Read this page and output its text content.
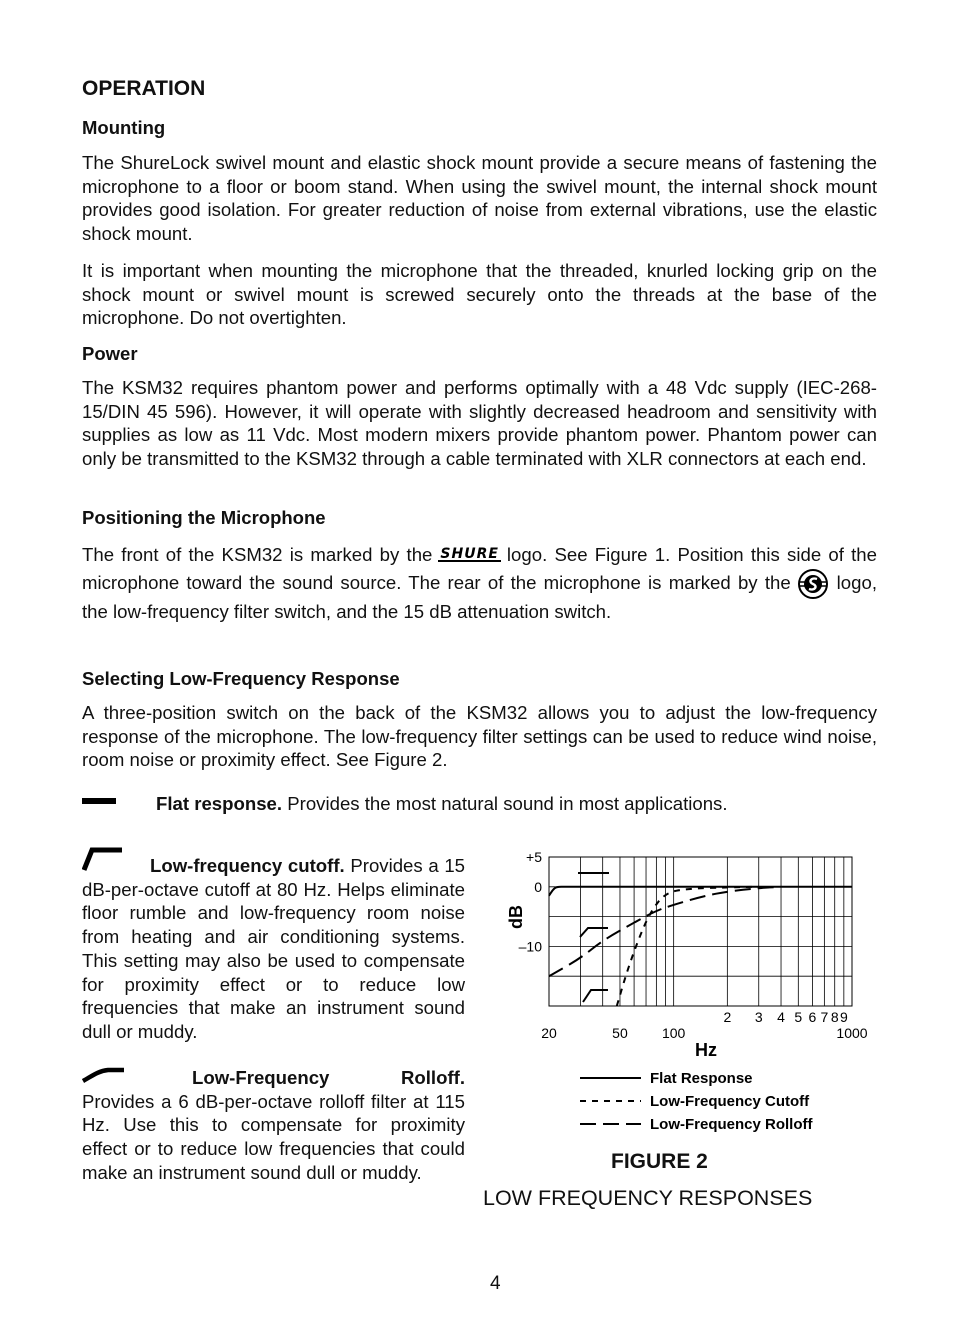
OPERATION
Mounting

The ShureLock swivel mount and elastic shock mount provide a secure means of fastening the microphone to a floor or boom stand. When using the swivel mount, the internal shock mount provides good isolation. For greater reduction of noise from external vibrations, use the elastic shock mount.

It is important when mounting the microphone that the threaded, knurled locking grip on the shock mount or swivel mount is screwed securely onto the threads at the base of the microphone. Do not overtighten.

Power

The KSM32 requires phantom power and performs optimally with a 48 Vdc supply (IEC-268-15/DIN 45 596). However, it will operate with slightly decreased headroom and sensitivity with supplies as low as 11 Vdc. Most modern mixers provide phantom power. Phantom power can only be transmitted to the KSM32 through a cable terminated with XLR connectors at each end.

Positioning the Microphone

The front of the KSM32 is marked by the SHURE logo. See Figure 1. Position this side of the microphone toward the sound source. The rear of the microphone is marked by the logo, the low-frequency filter switch, and the 15 dB attenuation switch.

Selecting Low-Frequency Response

A three-position switch on the back of the KSM32 allows you to adjust the low-frequency response of the microphone. The low-frequency filter settings can be used to reduce wind noise, room noise or proximity effect. See Figure 2.

Flat response. Provides the most natural sound in most applications.

Low-frequency cutoff. Provides a 15 dB-per-octave cutoff at 80 Hz. Helps eliminate floor rumble and low-frequency room noise from heating and air conditioning systems. This setting may also be used to compensate for proximity effect or to reduce low frequencies that make an instrument sound dull or muddy.

Low-Frequency Rolloff. Provides a 6 dB-per-octave rolloff filter at 115 Hz. Use this to compensate for proximity effect or to reduce low frequencies that could make an instrument sound dull or muddy.

20	50 100
2 3 4 5 6 7 8 9
1000
+5
0
–10
dB
Hz
Flat Response
Low-Frequency Cutoff
Low-Frequency Rolloff
FIGURE 2
LOW FREQUENCY RESPONSES
4
